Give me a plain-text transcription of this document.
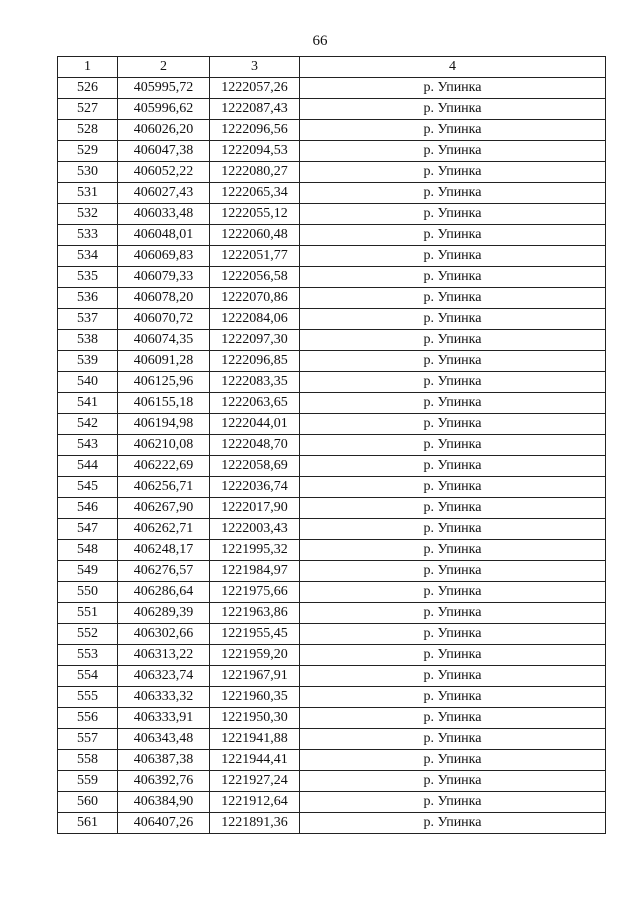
66
1	2	3	4
526	405995,72	1222057,26	р. Упинка
527	405996,62	1222087,43	р. Упинка
528	406026,20	1222096,56	р. Упинка
529	406047,38	1222094,53	р. Упинка
530	406052,22	1222080,27	р. Упинка
531	406027,43	1222065,34	р. Упинка
532	406033,48	1222055,12	р. Упинка
533	406048,01	1222060,48	р. Упинка
534	406069,83	1222051,77	р. Упинка
535	406079,33	1222056,58	р. Упинка
536	406078,20	1222070,86	р. Упинка
537	406070,72	1222084,06	р. Упинка
538	406074,35	1222097,30	р. Упинка
539	406091,28	1222096,85	р. Упинка
540	406125,96	1222083,35	р. Упинка
541	406155,18	1222063,65	р. Упинка
542	406194,98	1222044,01	р. Упинка
543	406210,08	1222048,70	р. Упинка
544	406222,69	1222058,69	р. Упинка
545	406256,71	1222036,74	р. Упинка
546	406267,90	1222017,90	р. Упинка
547	406262,71	1222003,43	р. Упинка
548	406248,17	1221995,32	р. Упинка
549	406276,57	1221984,97	р. Упинка
550	406286,64	1221975,66	р. Упинка
551	406289,39	1221963,86	р. Упинка
552	406302,66	1221955,45	р. Упинка
553	406313,22	1221959,20	р. Упинка
554	406323,74	1221967,91	р. Упинка
555	406333,32	1221960,35	р. Упинка
556	406333,91	1221950,30	р. Упинка
557	406343,48	1221941,88	р. Упинка
558	406387,38	1221944,41	р. Упинка
559	406392,76	1221927,24	р. Упинка
560	406384,90	1221912,64	р. Упинка
561	406407,26	1221891,36	р. Упинка
